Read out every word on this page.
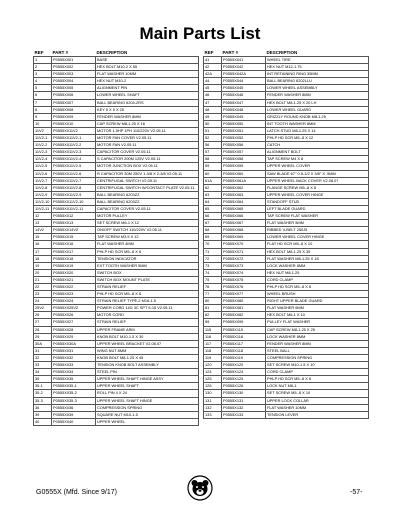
Main Parts List
REF	PART #	DESCRIPTION
1	P0555X001	BASE
2	P0555X002	HEX BOLT M10-2 X 55
3	P0555X003	FLAT WASHER 10MM
4	P0555X004	HEX NUT M10-2
5	P0555X005	ALIGNMENT PIN
6	P0555X006	LOWER WHEEL SHAFT
7	P0555X007	BALL BEARING 6204-2RS
8	P0555X008	KEY 5 X 5 X 25
9	P0555X009	FENDER WASHER 8MM
10	P0555X010	CAP SCREW M8-1.25 X 16
11V2	P0555X011V2	MOTOR 1.5HP 1PH 110/220V V2.05.11
11V2-1	P0555X011V2-1	MOTOR FAN COVER V2.05.11
11V2-2	P0555X011V2-2	MOTOR FAN V2.05.11
11V2-3	P0555X011V2-3	CAPACITOR COVER V2.05.11
11V2-4	P0555X011V2-4	S CAPACITOR 200M 125V V2.05.11
11V2-5	P0555X011V2-5	MOTOR JUNCTION BOX V2.05.11
11V2-6	P0555X011V2-6	R CAPACITOR 30M 250V 1-3/8 X 2-3/8 V2.05.11
11V2-7	P0555X011V2-7	CENTRIFUGAL SWITCH V2.05.11
11V2-8	P0555X011V2-8	CENTRIFUGAL SWITCH W/CONTACT PLATE V2.05.11
11V2-9	P0555X011V2-9	BALL BEARING 6203ZZ
11V2-10	P0555X011V2-10	BALL BEARING 6203ZZ
11V2-11	P0555X011V2-11	CAPACITOR COVER V2.05.11
12	P0555X012	MOTOR PULLEY
13	P0555X013	SET SCREW M6-1 X 12
14V2	P0555X014V2	ON/OFF SWITCH 110/220V V2.05.11
15	P0555X015	TAP SCREW M3.5 X 12
16	P0555X016	FLAT WASHER 4MM
17	P0555X017	PHLP HD SCR M5-.8 X 6
18	P0555X018	TENSION INDICATOR
19	P0555X019	EXT TOOTH WASHER 5MM
20	P0555X020	SWITCH BOX
21	P0555X021	SWITCH BOX MOUNT PLATE
22	P0555X022	STRAIN RELIEF
23	P0555X023	PHLP HD SCR M5-.8 X 6
24	P0555X024	STRAIN RELIEF TYPE-2 M16-1.5
25V2	P0555X025V2	POWER CORD 14G 3C SPT 5-15 V2.05.11
26	P0555X026	MOTOR CORD
27	P0555X027	STRAIN RELIEF
28	P0555X028	UPPER FRAME ARM
29	P0555X029	KNOB BOLT M10-1.5 X 30
30A	P0555X030A	UPPER WHEEL BRACKET V2.08.07
31	P0555X031	WING NUT 8MM
32	P0555X032	KNOB BOLT M8-1.25 X 45
33	P0555X033	TENSION KNOB BOLT ASSEMBLY
34	P0555X034	STEEL PIN
35	P0555X035	UPPER WHEEL SHAFT HINGE ASSY
35-1	P0555X035-1	UPPER WHEEL SHAFT
35-2	P0555X035-2	ROLL PIN 4 X 24
35-3	P0555X035-3	UPPER WHEEL SHAFT HINGE
36	P0555X036	COMPRESSION SPRING
39	P0555X039	SQUARE NUT M10-1.5
40	P0555X040	UPPER WHEEL
REF	PART #	DESCRIPTION
41	P0555X041	WHEEL TIRE
42	P0555X042	HEX NUT M12-1.75
42A	P0555X042A	INT RETAINING RING 35MM
44	P0555X044	BALL BEARING 6202LLU
45	P0555X045	LOWER WHEEL ASSEMBLY
46	P0555X046	FENDER WASHER 8MM
47	P0555X047	HEX BOLT M8-1.25 X 20 LH
48	P0555X048	LOWER WHEEL GUARD
49	P0555X049	GRIZZLY ROUND KNOB M8-1.25
50	P0555X050	INT TOOTH WASHER 8MM
51	P0555X051	LATCH STUD M8-1.25 X 14
52	P0555X052	PHLP HD SCR M5-.8 X 12
56	P0555X056	CATCH
57	P0555X057	ALIGNMENT BOLT
58	P0555X058	TAP SCREW M4 X 8
59	P0555X059	UPPER WHEEL COVER
60	P0555X060	SAW BLADE 67'' 0.5-1/2 X 3/8'' X .5MM
61A	P0555X061A	UPPER WHEEL BACK COVER V2.08.07
62	P0555X062	FLANGE SCREW M5-.8 X 8
63	P0555X063	UPPER WHEEL COVER HINGE
64	P0555X064	STANDOFF STUD
65	P0555X065	LEFT BLADE GUARD
66	P0555X066	TAP SCREW FLAT WASHER
67	P0555X067	FLAT WASHER 5MM
68	P0555X068	RIBBED V-BELT 250J5
69	P0555X069	LOWER WHEEL COVER HINGE
70	P0555X070	FLAT HD SCR M5-.8 X 10
71	P0555X071	HEX BOLT M8-1.25 X 35
72	P0555X072	FLAT WASHER M8-1.25 X 18
73	P0555X073	LOCK WASHER 8MM
74	P0555X074	HEX NUT M8-1.25
75	P0555X075	CORD CLAMP
76	P0555X076	PHLP HD SCR M5-.8 X 8
77	P0555X077	WHEEL BRUSH
80	P0555X080	RIGHT UPPER BLADE GUARD
81	P0555X081	FLAT WASHER 6MM
82	P0555X082	HEX BOLT M6-1 X 10
99	P0555X099	PULLEY FLAT WASHER
115	P0555X115	CAP SCREW M8-1.25 X 25
116	P0555X116	LOCK WASHER 8MM
117	P0555X117	FENDER WASHER 8MM
118	P0555X118	STEEL BALL
119	P0555X119	COMPRESSION SPRING
120	P0555X120	SET SCREW M10-1.5 X 10
124	P0555X124	CORD CLAMP
125	P0555X125	PHLP HD SCR M5-.8 X 8
126	P0555X126	LOCK NUT M6-1
130	P0555X130	SET SCREW M5-.8 X 10
131	P0555X131	UPPER LOCK COLLAR
132	P0555X132	FLAT WASHER 10MM
133	P0555X133	TENSION LEVER
G0555X (Mfd. Since 9/17)	-57-
